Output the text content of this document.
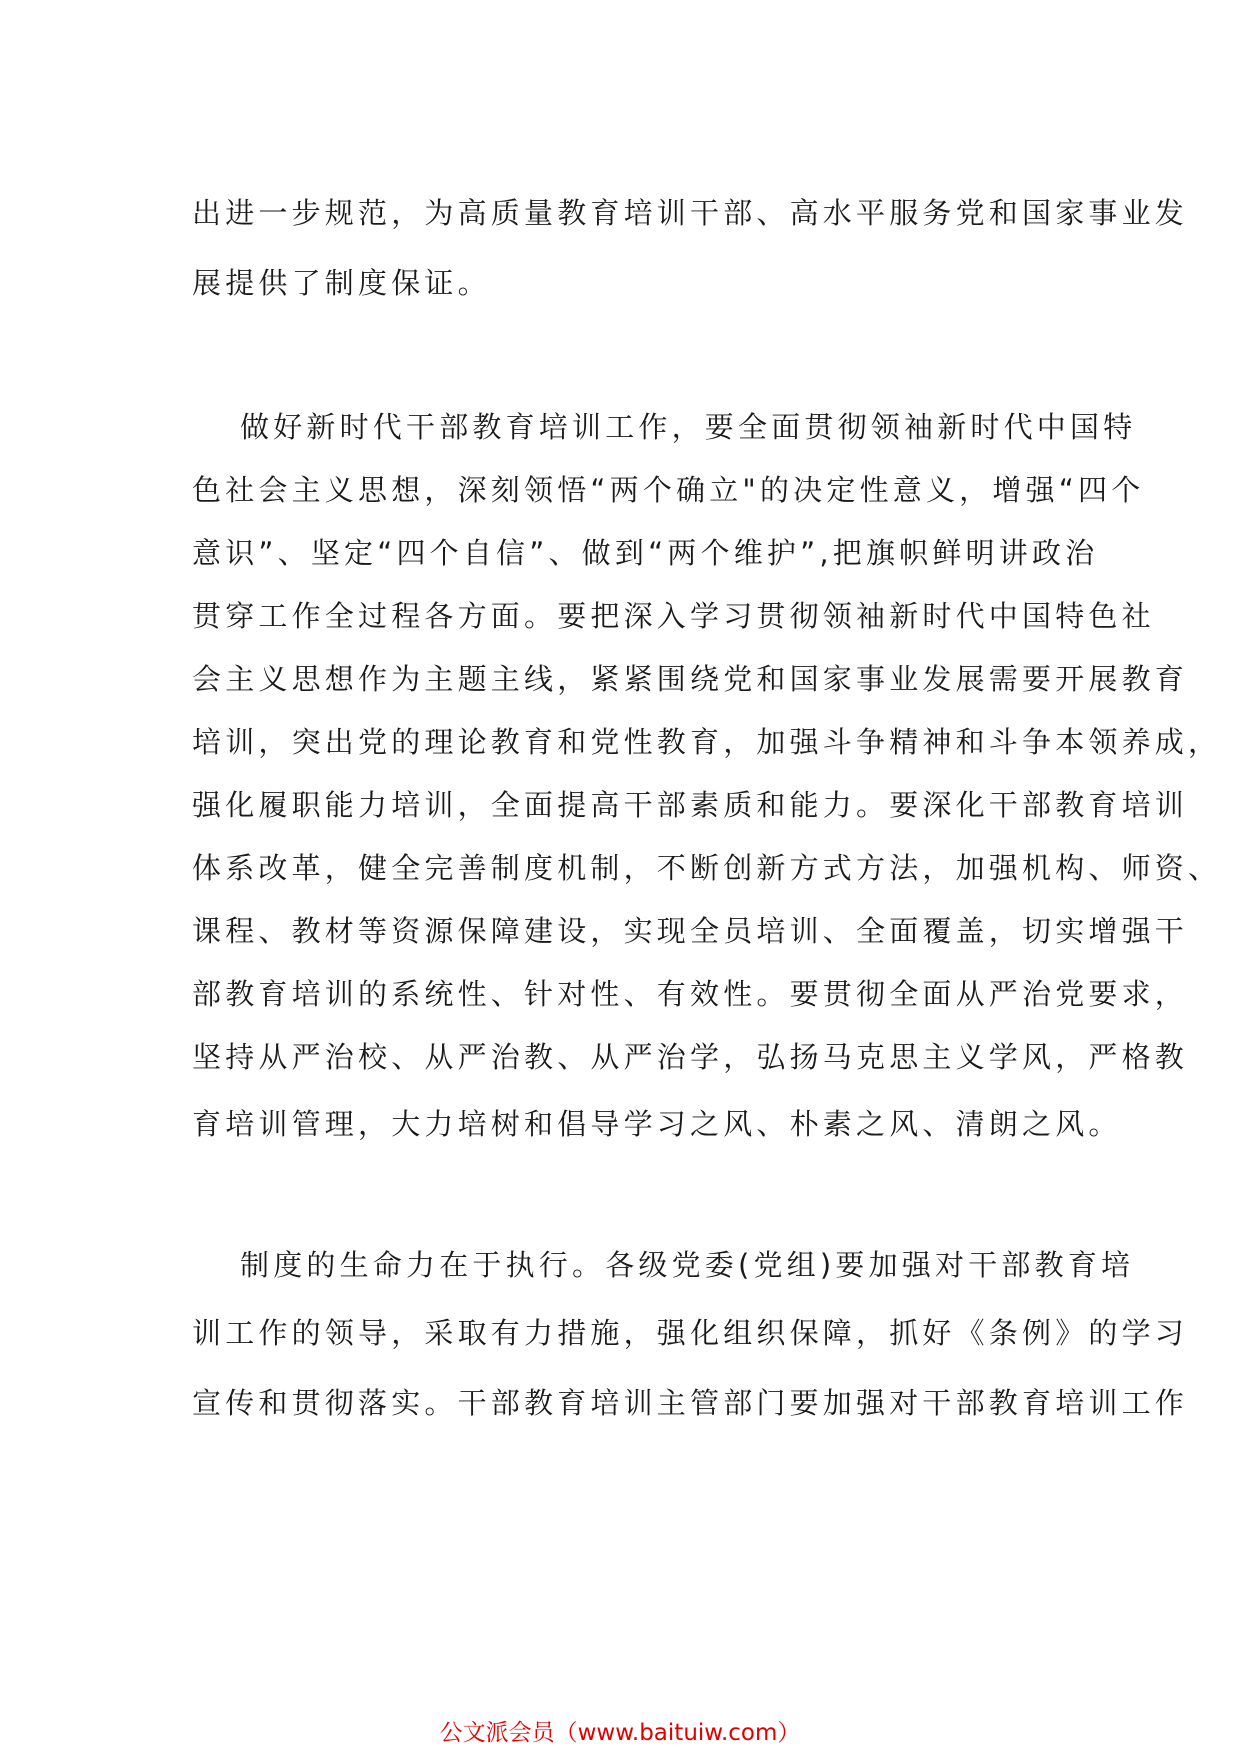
出进一步规范，为高质量教育培训干部、高水平服务党和国家事业发
展提供了制度保证。
做好新时代干部教育培训工作，要全面贯彻领袖新时代中国特
色社会主义思想，深刻领悟“两个确立"的决定性意义，增强“四个
意识”、坚定“四个自信”、做到“两个维护”,把旗帜鲜明讲政治
贯穿工作全过程各方面。要把深入学习贯彻领袖新时代中国特色社
会主义思想作为主题主线，紧紧围绕党和国家事业发展需要开展教育
培训，突出党的理论教育和党性教育，加强斗争精神和斗争本领养成，
强化履职能力培训，全面提高干部素质和能力。要深化干部教育培训
体系改革，健全完善制度机制，不断创新方式方法，加强机构、师资、
课程、教材等资源保障建设，实现全员培训、全面覆盖，切实增强干
部教育培训的系统性、针对性、有效性。要贯彻全面从严治党要求，
坚持从严治校、从严治教、从严治学，弘扬马克思主义学风，严格教
育培训管理，大力培树和倡导学习之风、朴素之风、清朗之风。
制度的生命力在于执行。各级党委(党组)要加强对干部教育培
训工作的领导，采取有力措施，强化组织保障，抓好《条例》的学习
宣传和贯彻落实。干部教育培训主管部门要加强对干部教育培训工作
公文派会员（www.baituiw.com）
